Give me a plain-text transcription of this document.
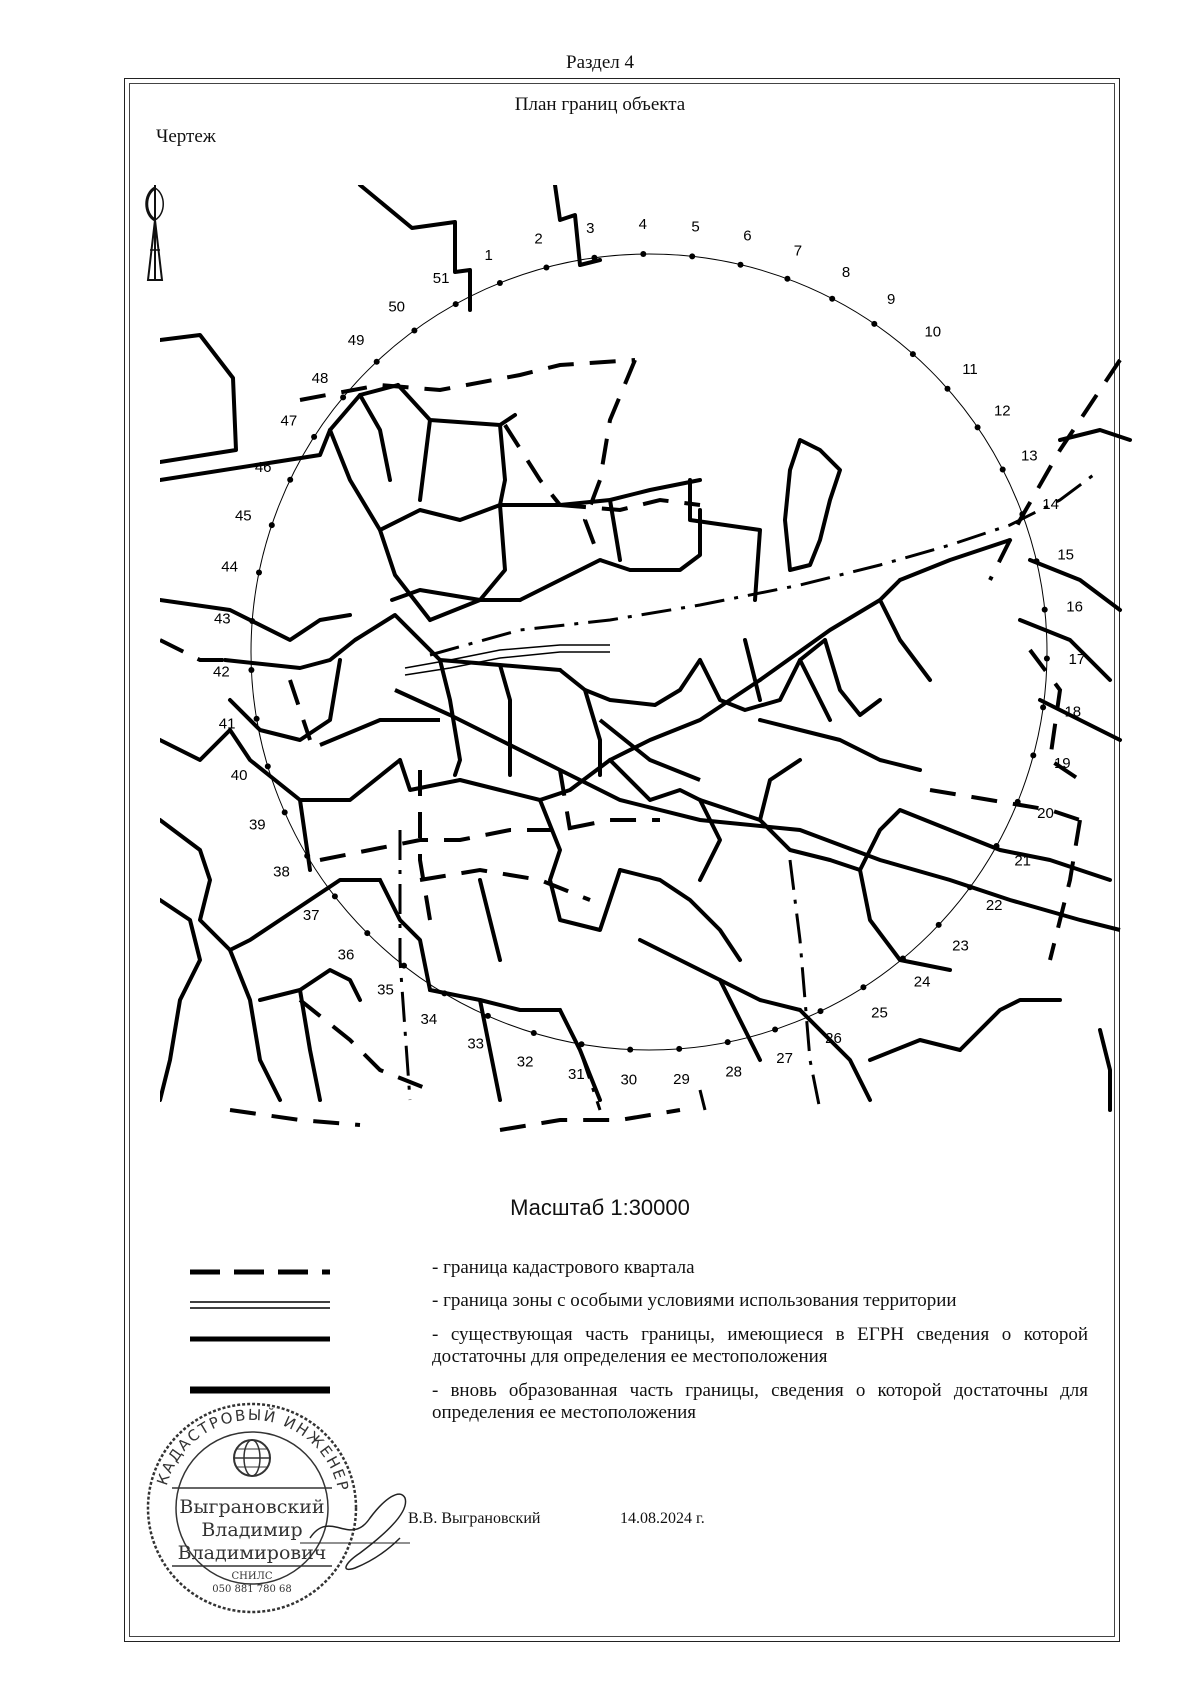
Раздел 4
План границ объекта
Чертеж
1
2
3	4	5
6
7
8
9
10
11
12
13
14
15
16
17
18
19
20
21
22
23
24
25
26
27
28
29
30
31
32
33
34
35
36
37
38
39
40
41
42
43
44
45
46
47
48
49
50
51
Масштаб 1:30000
- граница кадастрового квартала
- граница зоны с особыми условиями использования территории
- существующая часть границы, имеющиеся в ЕГРН сведения о которой достаточны для определения ее местоположения
- вновь образованная часть границы, сведения о которой достаточны для определения ее местоположения
КАДАСТРОВЫЙ ИНЖЕНЕР
Выграновский
Владимир
Владимирович
СНИЛС
050 881 780 68
В.В. Выграновский	14.08.2024 г.
